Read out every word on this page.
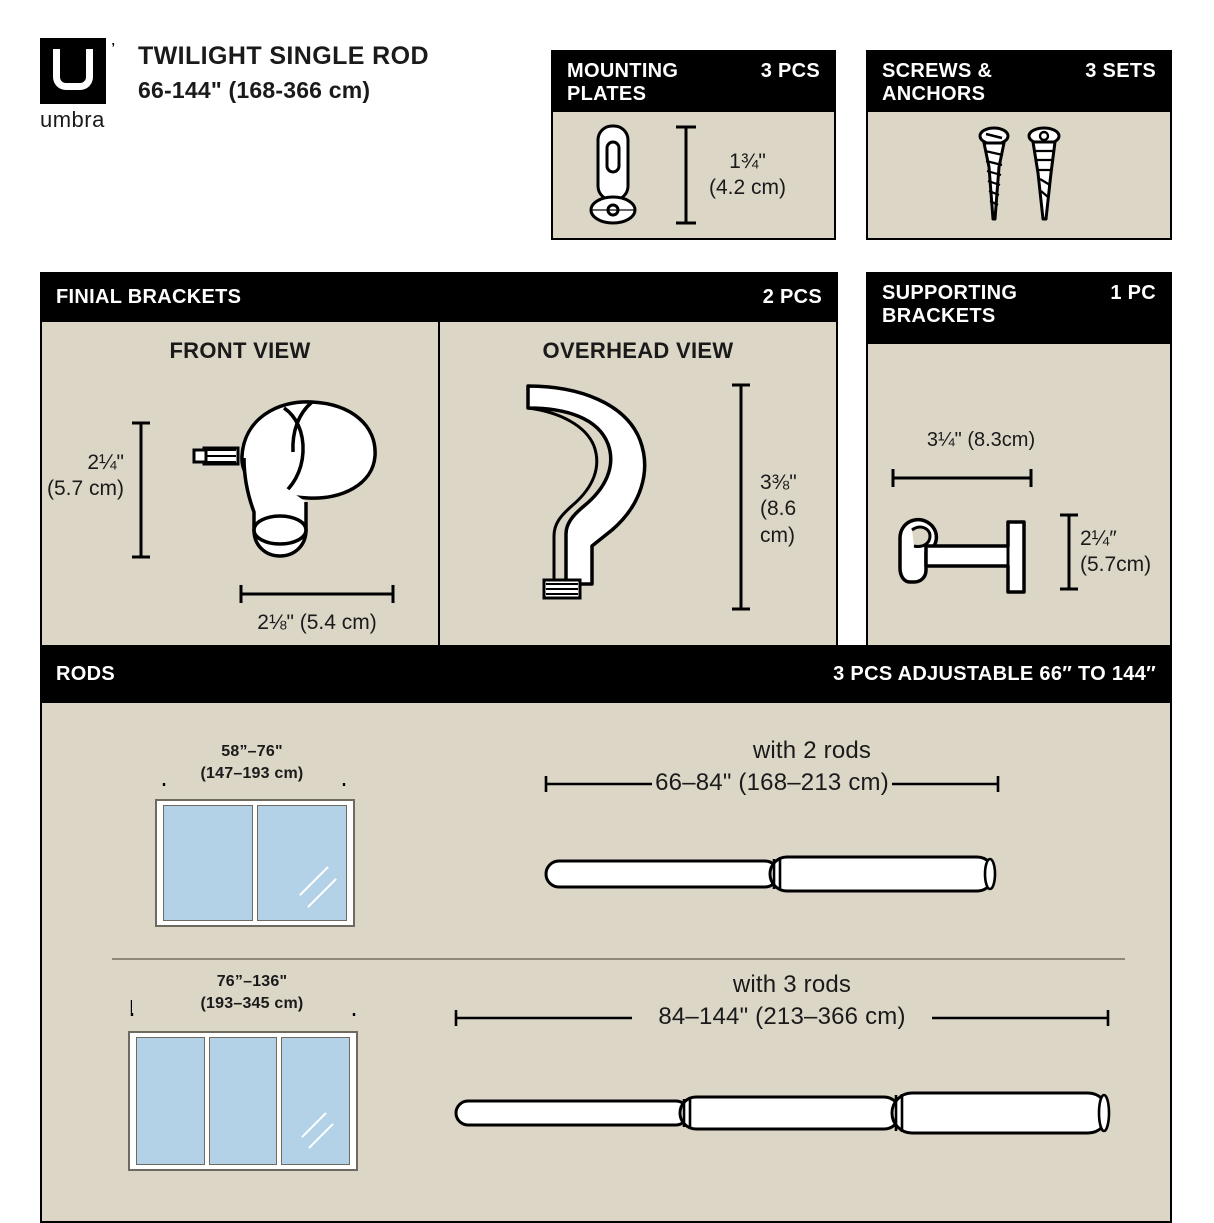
’
umbra
TWILIGHT SINGLE ROD
66-144" (168-366 cm)
MOUNTING PLATES
3 PCS
1¾"
(4.2 cm)
SCREWS & ANCHORS
3 SETS
FINIAL BRACKETS	2 PCS
FRONT VIEW
2¼"
(5.7 cm)
2⅛" (5.4 cm)
OVERHEAD VIEW
3⅜"
(8.6 cm)
SUPPORTING BRACKETS
1 PC
3¼" (8.3cm)
2¼″
(5.7cm)
RODS	3 PCS ADJUSTABLE 66″ TO 144″
58”–76"
(147–193 cm)
with 2 rods
66–84" (168–213 cm)
76”–136"
(193–345 cm)
with 3 rods
84–144" (213–366 cm)
